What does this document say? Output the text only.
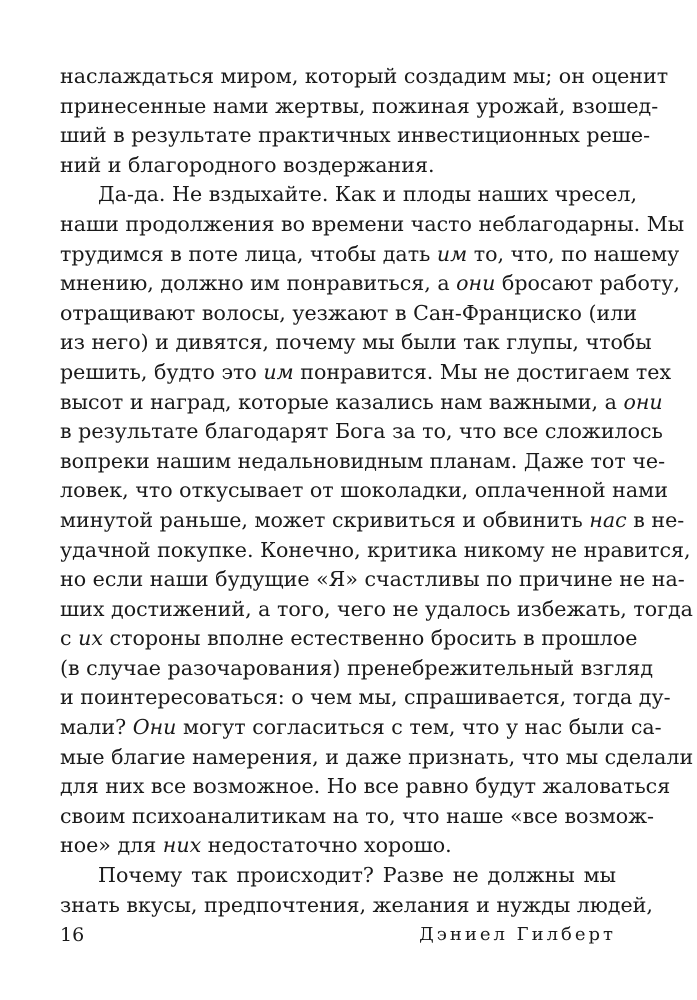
наслаждаться миром, который создадим мы; он оценит
принесенные нами жертвы, пожиная урожай, взошед-
ший в результате практичных инвестиционных реше-
ний и благородного воздержания.
Да-да. Не вздыхайте. Как и плоды наших чресел,
наши продолжения во времени часто неблагодарны. Мы
трудимся в поте лица, чтобы дать им то, что, по нашему
мнению, должно им понравиться, а они бросают работу,
отращивают волосы, уезжают в Сан-Франциско (или
из него) и дивятся, почему мы были так глупы, чтобы
решить, будто это им понравится. Мы не достигаем тех
высот и наград, которые казались нам важными, а они
в результате благодарят Бога за то, что все сложилось
вопреки нашим недальновидным планам. Даже тот че-
ловек, что откусывает от шоколадки, оплаченной нами
минутой раньше, может скривиться и обвинить нас в не-
удачной покупке. Конечно, критика никому не нравится,
но если наши будущие «Я» счастливы по причине не на-
ших достижений, а того, чего не удалось избежать, тогда
с их стороны вполне естественно бросить в прошлое
(в случае разочарования) пренебрежительный взгляд
и поинтересоваться: о чем мы, спрашивается, тогда ду-
мали? Они могут согласиться с тем, что у нас были са-
мые благие намерения, и даже признать, что мы сделали
для них все возможное. Но все равно будут жаловаться
своим психоаналитикам на то, что наше «все возмож-
ное» для них недостаточно хорошо.
Почему так происходит? Разве не должны мы
знать вкусы, предпочтения, желания и нужды людей,
16	Дэниел Гилберт
